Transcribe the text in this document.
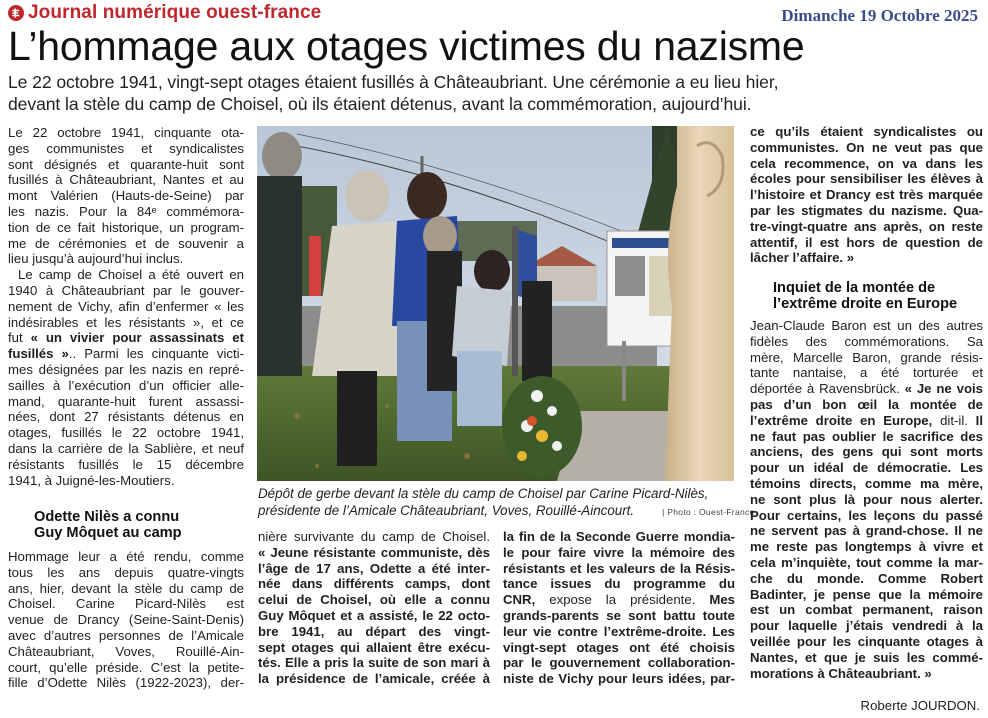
Journal numérique ouest-france	Dimanche 19 Octobre 2025
L’hommage aux otages victimes du nazisme
Le 22 octobre 1941, vingt-sept otages étaient fusillés à Châteaubriant. Une cérémonie a eu lieu hier,
devant la stèle du camp de Choisel, où ils étaient détenus, avant la commémoration, aujourd’hui.
Le 22 octobre 1941, cinquante ota-
ges communistes et syndicalistes
sont désignés et quarante-huit sont
fusillés à Châteaubriant, Nantes et au
mont Valérien (Hauts-de-Seine) par
les nazis. Pour la 84ᵉ commémora-
tion de ce fait historique, un program-
me de cérémonies et de souvenir a
lieu jusqu’à aujourd’hui inclus.
Le camp de Choisel a été ouvert en
1940 à Châteaubriant par le gouver-
nement de Vichy, afin d’enfermer « les
indésirables et les résistants », et ce
fut « un vivier pour assassinats et
fusillés ».. Parmi les cinquante victi-
mes désignées par les nazis en repré-
sailles à l’exécution d’un officier alle-
mand, quarante-huit furent assassi-
nées, dont 27 résistants détenus en
otages, fusillés le 22 octobre 1941,
dans la carrière de la Sablière, et neuf
résistants fusillés le 15 décembre
1941, à Juigné-les-Moutiers.
Odette Nilès a connu
Guy Môquet au camp
Hommage leur a été rendu, comme
tous les ans depuis quatre-vingts
ans, hier, devant la stèle du camp de
Choisel. Carine Picard-Nilès est
venue de Drancy (Seine-Saint-Denis)
avec d’autres personnes de l’Amicale
Châteaubriant, Voves, Rouillé-Ain-
court, qu’elle préside. C’est la petite-
fille d’Odette Nilès (1922-2023), der-
Dépôt de gerbe devant la stèle du camp de Choisel par Carine Picard-Nilès,
présidente de l’Amicale Châteaubriant, Voves, Rouillé-Aincourt.	| Photo : Ouest-France
nière survivante du camp de Choisel.
« Jeune résistante communiste, dès
l’âge de 17 ans, Odette a été inter-
née dans différents camps, dont
celui de Choisel, où elle a connu
Guy Môquet et a assisté, le 22 octo-
bre 1941, au départ des vingt-
sept otages qui allaient être exécu-
tés. Elle a pris la suite de son mari à
la présidence de l’amicale, créée à
la fin de la Seconde Guerre mondia-
le pour faire vivre la mémoire des
résistants et les valeurs de la Résis-
tance issues du programme du
CNR, expose la présidente. Mes
grands-parents se sont battu toute
leur vie contre l’extrême-droite. Les
vingt-sept otages ont été choisis
par le gouvernement collaboration-
niste de Vichy pour leurs idées, par-
ce qu’ils étaient syndicalistes ou
communistes. On ne veut pas que
cela recommence, on va dans les
écoles pour sensibiliser les élèves à
l’histoire et Drancy est très marquée
par les stigmates du nazisme. Qua-
tre-vingt-quatre ans après, on reste
attentif, il est hors de question de
lâcher l’affaire. »
Inquiet de la montée de
l’extrême droite en Europe
Jean-Claude Baron est un des autres
fidèles des commémorations. Sa
mère, Marcelle Baron, grande résis-
tante nantaise, a été torturée et
déportée à Ravensbrück. « Je ne vois
pas d’un bon œil la montée de
l’extrême droite en Europe, dit-il. Il
ne faut pas oublier le sacrifice des
anciens, des gens qui sont morts
pour un idéal de démocratie. Les
témoins directs, comme ma mère,
ne sont plus là pour nous alerter.
Pour certains, les leçons du passé
ne servent pas à grand-chose. Il ne
me reste pas longtemps à vivre et
cela m’inquiète, tout comme la mar-
che du monde. Comme Robert
Badinter, je pense que la mémoire
est un combat permanent, raison
pour laquelle j’étais vendredi à la
veillée pour les cinquante otages à
Nantes, et que je suis les commé-
morations à Châteaubriant. »
Roberte JOURDON.
